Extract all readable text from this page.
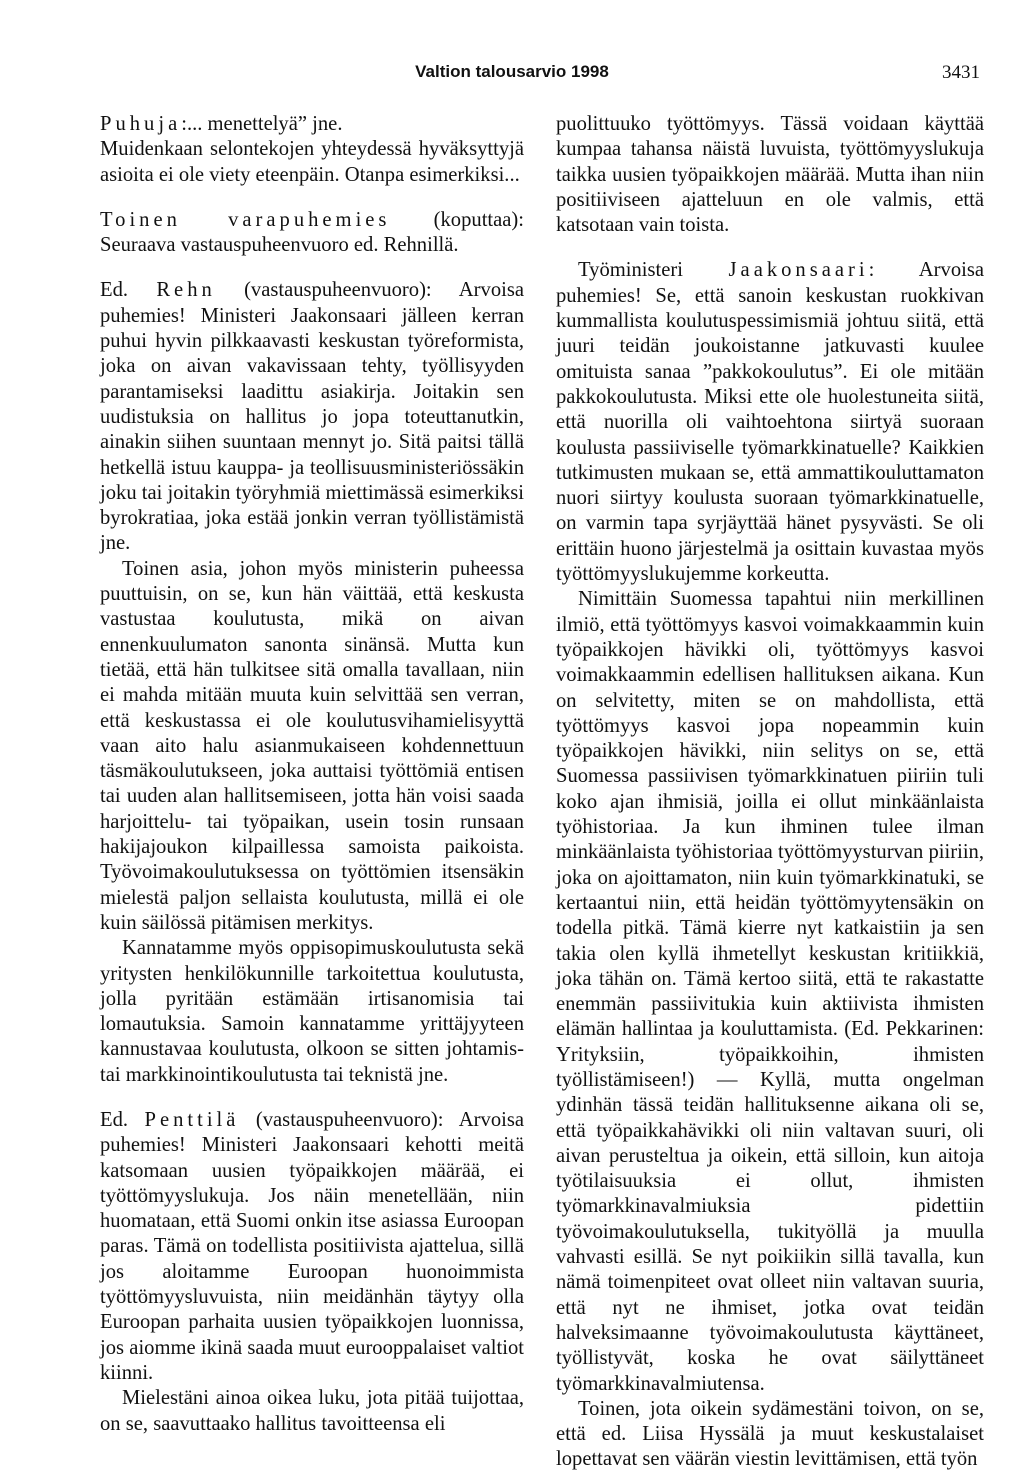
Valtion talousarvio 1998	3431

Puhuja:... menettelyä” jne.

Muidenkaan selontekojen yhteydessä hyväksyttyjä asioita ei ole viety eteenpäin. Otanpa esimerkiksi...

Toinen varapuhemies (koputtaa): Seuraava vastauspuheenvuoro ed. Rehnillä.

Ed. Rehn (vastauspuheenvuoro): Arvoisa puhemies! Ministeri Jaakonsaari jälleen kerran puhui hyvin pilkkaavasti keskustan työreformista, joka on aivan vakavissaan tehty, työllisyyden parantamiseksi laadittu asiakirja. Joitakin sen uudistuksia on hallitus jo jopa toteuttanutkin, ainakin siihen suuntaan mennyt jo. Sitä paitsi tällä hetkellä istuu kauppa- ja teollisuusministeriössäkin joku tai joitakin työryhmiä miettimässä esimerkiksi byrokratiaa, joka estää jonkin verran työllistämistä jne.

Toinen asia, johon myös ministerin puheessa puuttuisin, on se, kun hän väittää, että keskusta vastustaa koulutusta, mikä on aivan ennenkuulumaton sanonta sinänsä. Mutta kun tietää, että hän tulkitsee sitä omalla tavallaan, niin ei mahda mitään muuta kuin selvittää sen verran, että keskustassa ei ole koulutusvihamielisyyttä vaan aito halu asianmukaiseen kohdennettuun täsmäkoulutukseen, joka auttaisi työttömiä entisen tai uuden alan hallitsemiseen, jotta hän voisi saada harjoittelu- tai työpaikan, usein tosin runsaan hakijajoukon kilpaillessa samoista paikoista. Työvoimakoulutuksessa on työttömien itsensäkin mielestä paljon sellaista koulutusta, millä ei ole kuin säilössä pitämisen merkitys.

Kannatamme myös oppisopimuskoulutusta sekä yritysten henkilökunnille tarkoitettua koulutusta, jolla pyritään estämään irtisanomisia tai lomautuksia. Samoin kannatamme yrittäjyyteen kannustavaa koulutusta, olkoon se sitten johtamis- tai markkinointikoulutusta tai teknistä jne.

Ed. Penttilä (vastauspuheenvuoro): Arvoisa puhemies! Ministeri Jaakonsaari kehotti meitä katsomaan uusien työpaikkojen määrää, ei työttömyyslukuja. Jos näin menetellään, niin huomataan, että Suomi onkin itse asiassa Euroopan paras. Tämä on todellista positiivista ajattelua, sillä jos aloitamme Euroopan huonoimmista työttömyysluvuista, niin meidänhän täytyy olla Euroopan parhaita uusien työpaikkojen luonnissa, jos aiomme ikinä saada muut eurooppalaiset valtiot kiinni.

Mielestäni ainoa oikea luku, jota pitää tuijottaa, on se, saavuttaako hallitus tavoitteensa eli

puolittuuko työttömyys. Tässä voidaan käyttää kumpaa tahansa näistä luvuista, työttömyyslukuja taikka uusien työpaikkojen määrää. Mutta ihan niin positiiviseen ajatteluun en ole valmis, että katsotaan vain toista.

Työministeri Jaakonsaari: Arvoisa puhemies! Se, että sanoin keskustan ruokkivan kummallista koulutuspessimismiä johtuu siitä, että juuri teidän joukoistanne jatkuvasti kuulee omituista sanaa ”pakkokoulutus”. Ei ole mitään pakkokoulutusta. Miksi ette ole huolestuneita siitä, että nuorilla oli vaihtoehtona siirtyä suoraan koulusta passiiviselle työmarkkinatuelle? Kaikkien tutkimusten mukaan se, että ammattikouluttamaton nuori siirtyy koulusta suoraan työmarkkinatuelle, on varmin tapa syrjäyttää hänet pysyvästi. Se oli erittäin huono järjestelmä ja osittain kuvastaa myös työttömyyslukujemme korkeutta.

Nimittäin Suomessa tapahtui niin merkillinen ilmiö, että työttömyys kasvoi voimakkaammin kuin työpaikkojen hävikki oli, työttömyys kasvoi voimakkaammin edellisen hallituksen aikana. Kun on selvitetty, miten se on mahdollista, että työttömyys kasvoi jopa nopeammin kuin työpaikkojen hävikki, niin selitys on se, että Suomessa passiivisen työmarkkinatuen piiriin tuli koko ajan ihmisiä, joilla ei ollut minkäänlaista työhistoriaa. Ja kun ihminen tulee ilman minkäänlaista työhistoriaa työttömyysturvan piiriin, joka on ajoittamaton, niin kuin työmarkkinatuki, se kertaantui niin, että heidän työttömyytensäkin on todella pitkä. Tämä kierre nyt katkaistiin ja sen takia olen kyllä ihmetellyt keskustan kritiikkiä, joka tähän on. Tämä kertoo siitä, että te rakastatte enemmän passiivitukia kuin aktiivista ihmisten elämän hallintaa ja kouluttamista. (Ed. Pekkarinen: Yrityksiin, työpaikkoihin, ihmisten työllistämiseen!) — Kyllä, mutta ongelman ydinhän tässä teidän hallituksenne aikana oli se, että työpaikkahävikki oli niin valtavan suuri, oli aivan perusteltua ja oikein, että silloin, kun aitoja työtilaisuuksia ei ollut, ihmisten työmarkkinavalmiuksia pidettiin työvoimakoulutuksella, tukityöllä ja muulla vahvasti esillä. Se nyt poikiikin sillä tavalla, kun nämä toimenpiteet ovat olleet niin valtavan suuria, että nyt ne ihmiset, jotka ovat teidän halveksimaanne työvoimakoulutusta käyttäneet, työllistyvät, koska he ovat säilyttäneet työmarkkinavalmiutensa.

Toinen, jota oikein sydämestäni toivon, on se, että ed. Liisa Hyssälä ja muut keskustalaiset lopettavat sen väärän viestin levittämisen, että työn
